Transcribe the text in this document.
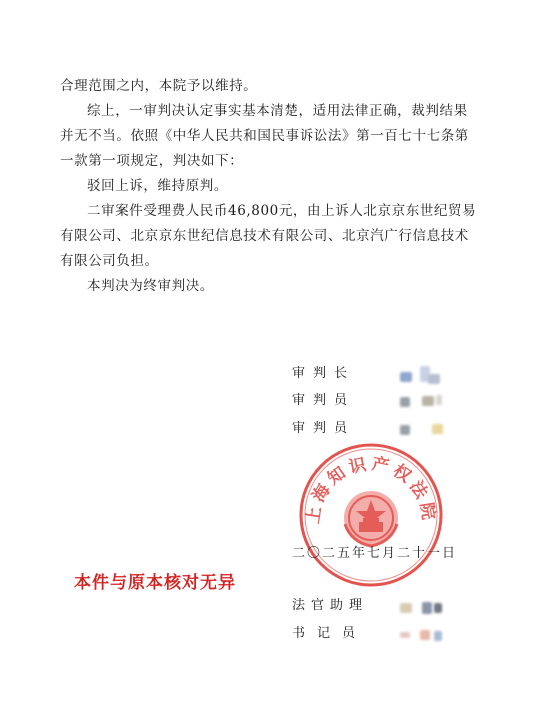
合理范围之内，本院予以维持。

综上，一审判决认定事实基本清楚，适用法律正确，裁判结果并无不当。依照《中华人民共和国民事诉讼法》第一百七十七条第一款第一项规定，判决如下：

驳回上诉，维持原判。

二审案件受理费人民币46,800元，由上诉人北京京东世纪贸易有限公司、北京京东世纪信息技术有限公司、北京汽广行信息技术有限公司负担。

本判决为终审判决。

审判长
审判员
审判员
上海知识产权法院
二〇二五年七月二十一日
本件与原本核对无异
法官助理
书记员
